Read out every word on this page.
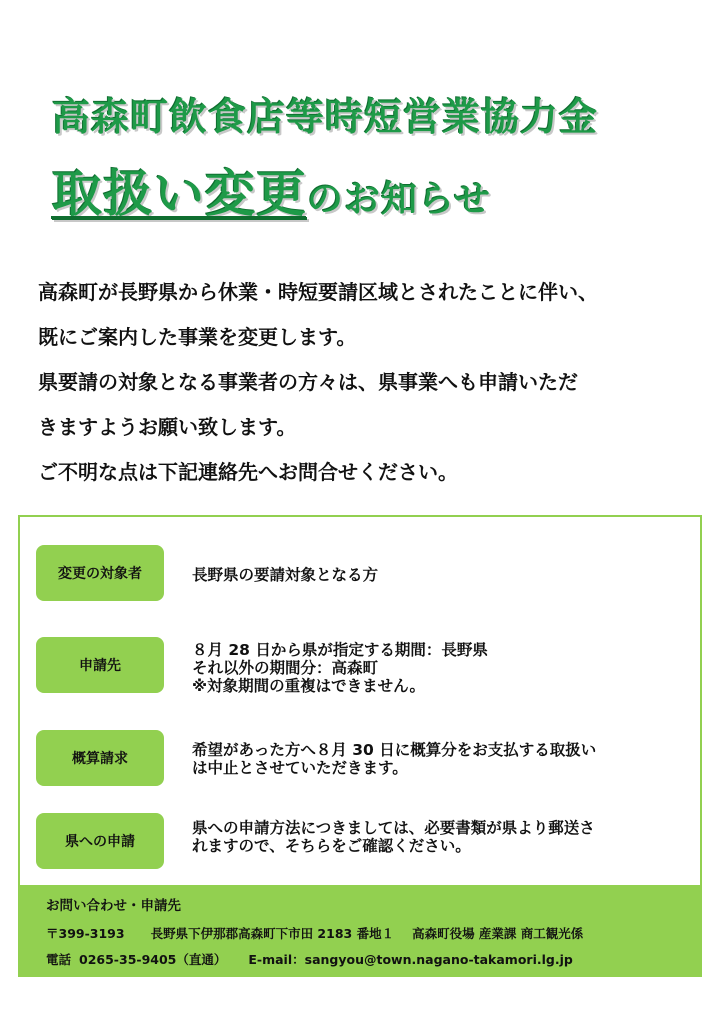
高森町飲食店等時短営業協力金
取扱い変更のお知らせ

高森町が長野県から休業・時短要請区域とされたことに伴い、

既にご案内した事業を変更します。

県要請の対象となる事業者の方々は、県事業へも申請いただ

きますようお願い致します。

ご不明な点は下記連絡先へお問合せください。

変更の対象者	長野県の要請対象となる方
申請先
８月 28 日から県が指定する期間：長野県
それ以外の期間分：高森町
※対象期間の重複はできません。
概算請求	希望があった方へ８月 30 日に概算分をお支払する取扱い
は中止とさせていただきます。
県への申請
県への申請方法につきましては、必要書類が県より郵送さ
れますので、そちらをご確認ください。
お問い合わせ・申請先
〒399-3193 長野県下伊那郡高森町下市田 2183 番地１ 高森町役場 産業課 商工観光係
電話 0265-35-9405（直通） E-mail：sangyou@town.nagano-takamori.lg.jp
